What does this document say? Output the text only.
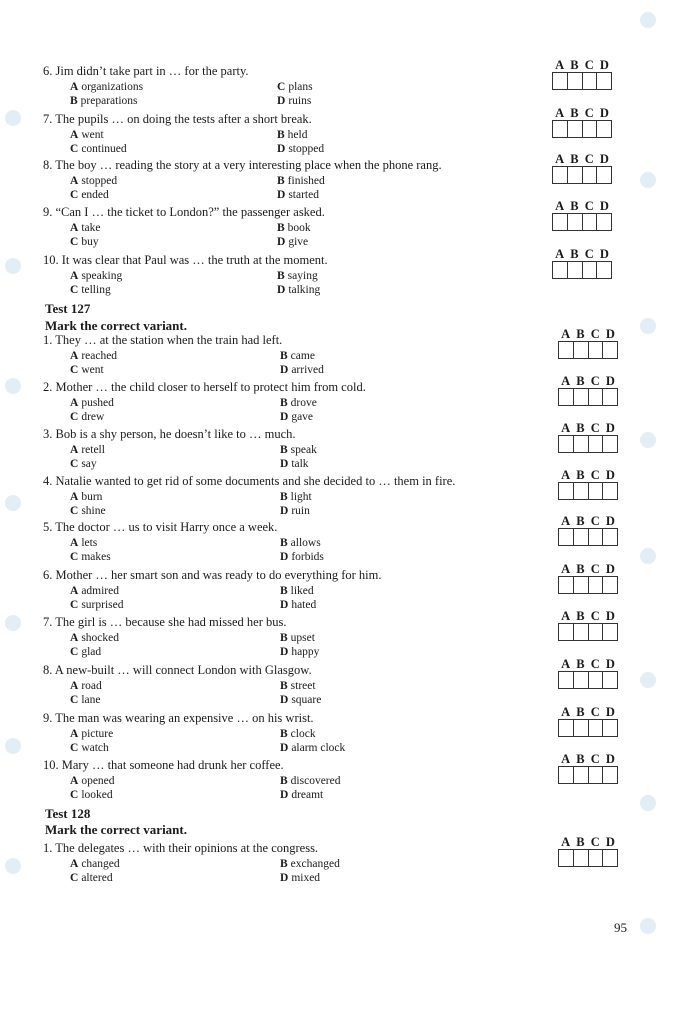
6. Jim didn’t take part in … for the party.
A organizations
B preparations
C plans
D ruins
A B C D
7. The pupils … on doing the tests after a short break.
A went
C continued
B held
D stopped
A B C D
8. The boy … reading the story at a very interesting place when the phone rang.
A stopped
C ended
B finished
D started
A B C D
9. “Can I … the ticket to London?” the passenger asked.
A take
C buy
B book
D give
A B C D
10. It was clear that Paul was … the truth at the moment.
A speaking
C telling
B saying
D talking
A B C D
Test 127
Mark the correct variant.
1. They … at the station when the train had left.
A reached
C went
B came
D arrived
A B C D
2. Mother … the child closer to herself to protect him from cold.
A pushed
C drew
B drove
D gave
A B C D
3. Bob is a shy person, he doesn’t like to … much.
A retell
C say
B speak
D talk
A B C D
4. Natalie wanted to get rid of some documents and she decided to … them in fire.
A burn
C shine
B light
D ruin
A B C D
5. The doctor … us to visit Harry once a week.
A lets
C makes
B allows
D forbids
A B C D
6. Mother … her smart son and was ready to do everything for him.
A admired
C surprised
B liked
D hated
A B C D
7. The girl is … because she had missed her bus.
A shocked
C glad
B upset
D happy
A B C D
8. A new-built … will connect London with Glasgow.
A road
C lane
B street
D square
A B C D
9. The man was wearing an expensive … on his wrist.
A picture
C watch
B clock
D alarm clock
A B C D
10. Mary … that someone had drunk her coffee.
A opened
C looked
B discovered
D dreamt
A B C D
Test 128
Mark the correct variant.
1. The delegates … with their opinions at the congress.
A changed
C altered
B exchanged
D mixed
A B C D
95
